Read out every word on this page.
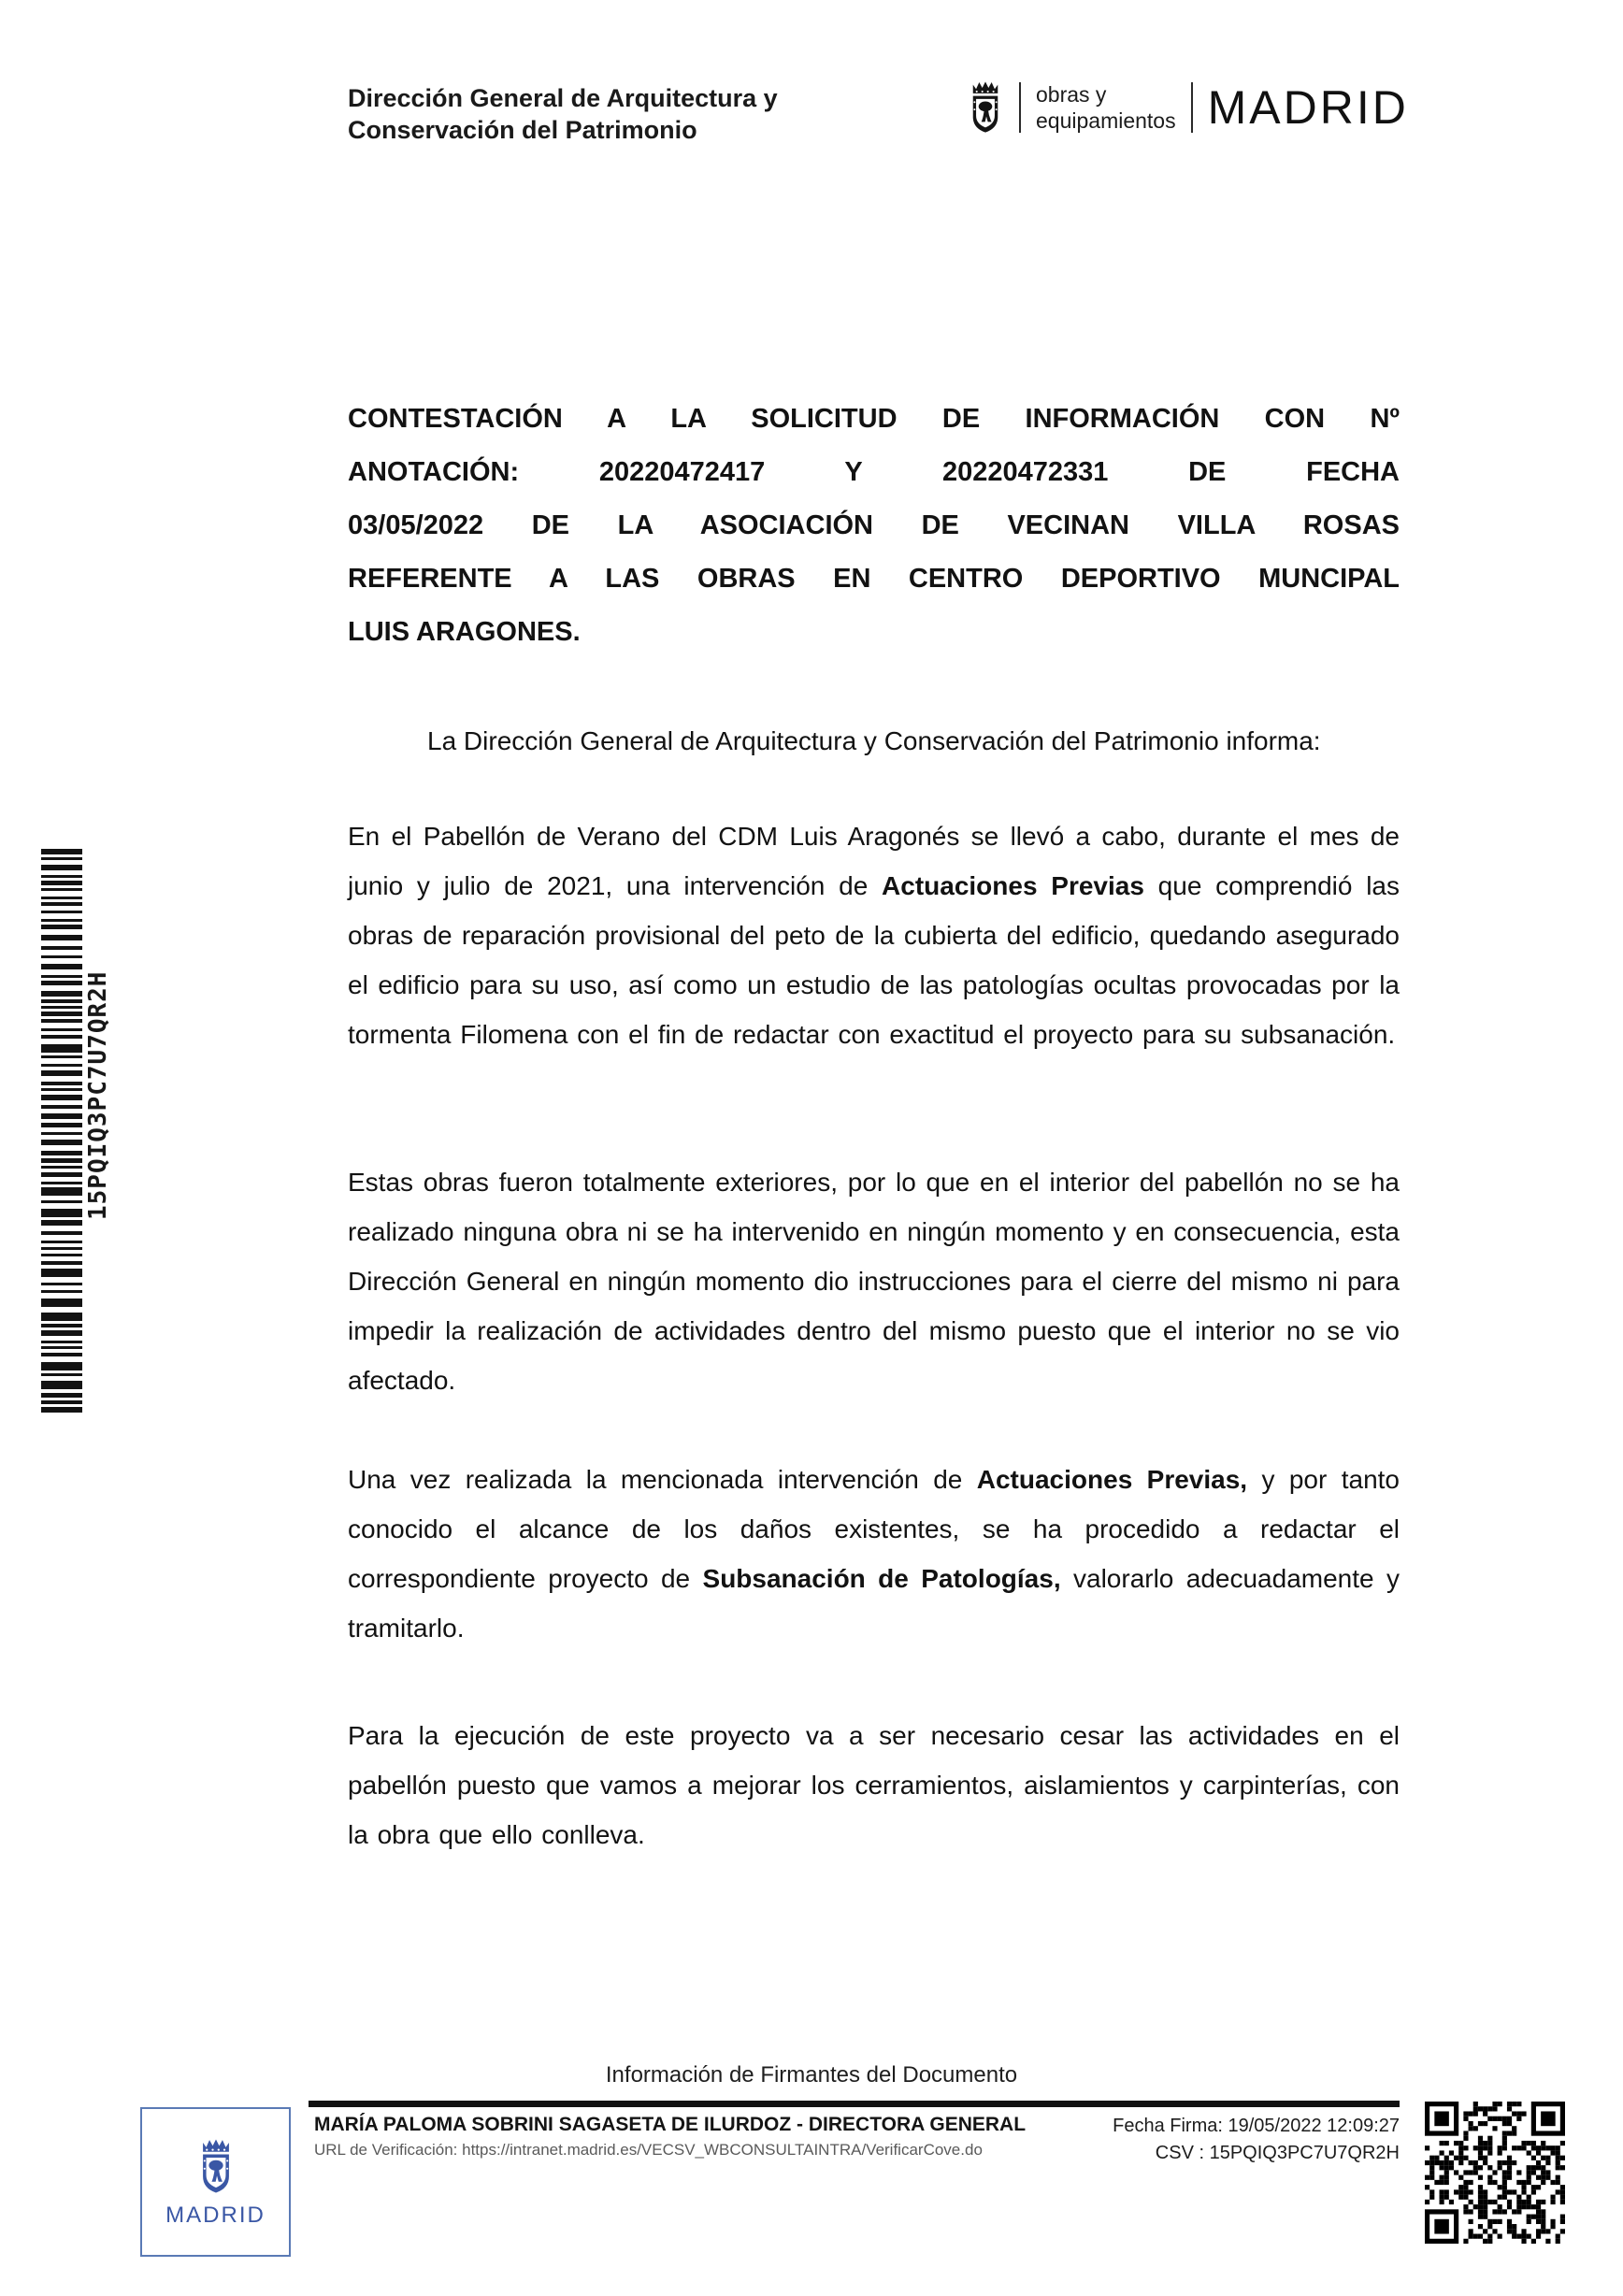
Dirección General de Arquitectura y
Conservación del Patrimonio
obras y
equipamientos MADRID
15PQIQ3PC7U7QR2H
CONTESTACIÓN A LA SOLICITUD DE INFORMACIÓN CON Nº
ANOTACIÓN: 20220472417 Y 20220472331 DE FECHA
03/05/2022 DE LA ASOCIACIÓN DE VECINAN VILLA ROSAS
REFERENTE A LAS OBRAS EN CENTRO DEPORTIVO MUNCIPAL
LUIS ARAGONES.
La Dirección General de Arquitectura y Conservación del Patrimonio informa:

En el Pabellón de Verano del CDM Luis Aragonés se llevó a cabo, durante el mes de junio y julio de 2021, una intervención de Actuaciones Previas que comprendió las obras de reparación provisional del peto de la cubierta del edificio, quedando asegurado el edificio para su uso, así como un estudio de las patologías ocultas provocadas por la tormenta Filomena con el fin de redactar con exactitud el proyecto para su subsanación.

Estas obras fueron totalmente exteriores, por lo que en el interior del pabellón no se ha realizado ninguna obra ni se ha intervenido en ningún momento y en consecuencia, esta Dirección General en ningún momento dio instrucciones para el cierre del mismo ni para impedir la realización de actividades dentro del mismo puesto que el interior no se vio afectado.

Una vez realizada la mencionada intervención de Actuaciones Previas, y por tanto conocido el alcance de los daños existentes, se ha procedido a redactar el correspondiente proyecto de Subsanación de Patologías, valorarlo adecuadamente y tramitarlo.

Para la ejecución de este proyecto va a ser necesario cesar las actividades en el pabellón puesto que vamos a mejorar los cerramientos, aislamientos y carpinterías, con la obra que ello conlleva.

Información de Firmantes del Documento
MARÍA PALOMA SOBRINI SAGASETA DE ILURDOZ - DIRECTORA GENERAL
URL de Verificación: https://intranet.madrid.es/VECSV_WBCONSULTAINTRA/VerificarCove.do
Fecha Firma: 19/05/2022 12:09:27
CSV : 15PQIQ3PC7U7QR2H
MADRID
